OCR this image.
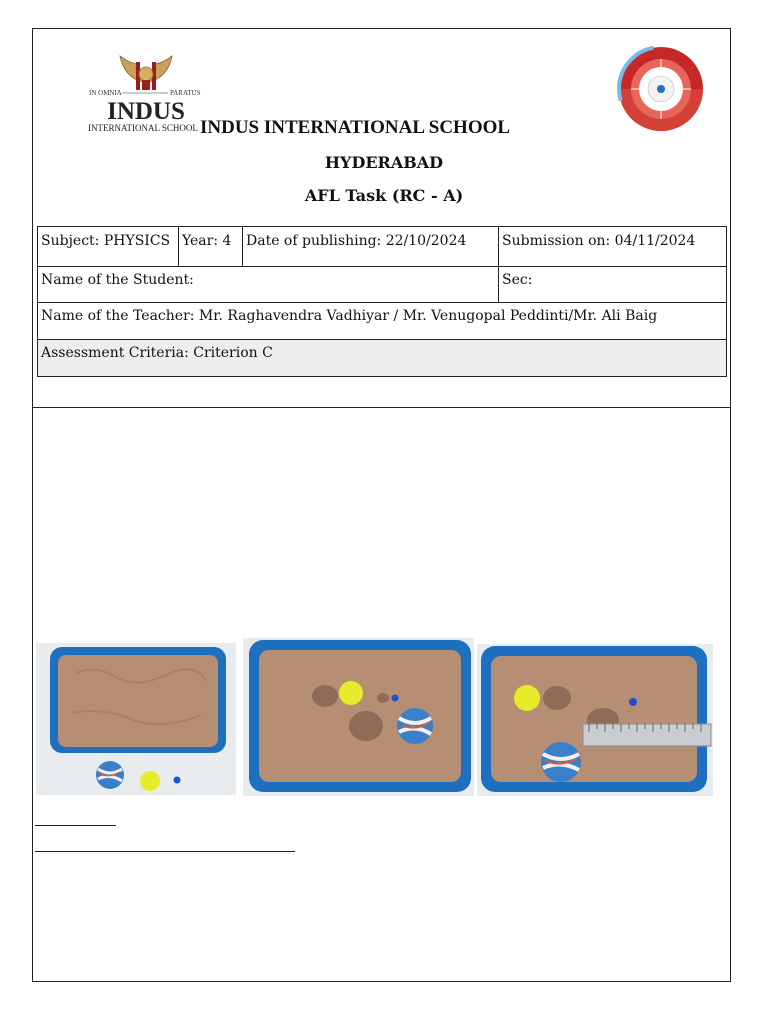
IN OMNIA	PARATUS
INDUS
INTERNATIONAL SCHOOL INDUS INTERNATIONAL SCHOOL
HYDERABAD
AFL Task (RC - A)
Subject: PHYSICS Year: 4	Date of publishing: 22/10/2024	Submission on: 04/11/2024
Name of the Student:	Sec:
Name of the Teacher: Mr. Raghavendra Vadhiyar / Mr. Venugopal Peddinti/Mr. Ali Baig
Assessment Criteria: Criterion C
